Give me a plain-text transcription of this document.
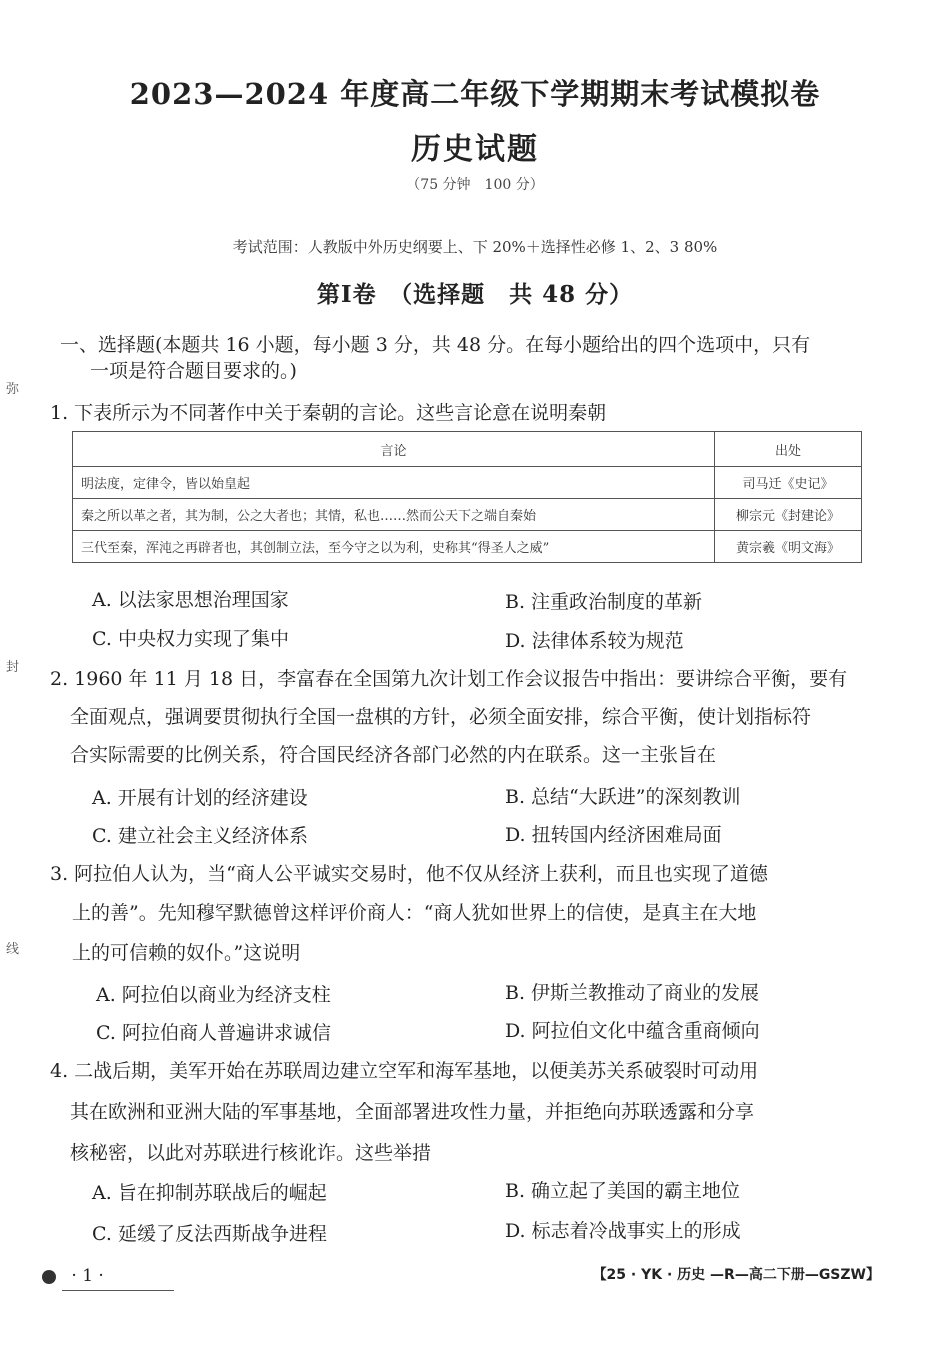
弥
封
线
2023—2024 年度高二年级下学期期末考试模拟卷
历史试题
（75 分钟　100 分）
考试范围：人教版中外历史纲要上、下 20%＋选择性必修 1、2、3 80%
第Ⅰ卷　（选择题　共 48 分）
一、选择题(本题共 16 小题，每小题 3 分，共 48 分。在每小题给出的四个选项中，只有
一项是符合题目要求的。)
1. 下表所示为不同著作中关于秦朝的言论。这些言论意在说明秦朝
言论	出处
明法度，定律令，皆以始皇起	司马迁《史记》
秦之所以革之者，其为制，公之大者也；其情，私也……然而公天下之端自秦始	柳宗元《封建论》
三代至秦，浑沌之再辟者也，其创制立法，至今守之以为利，史称其“得圣人之威”	黄宗羲《明文海》
A. 以法家思想治理国家	B. 注重政治制度的革新
C. 中央权力实现了集中	D. 法律体系较为规范
2. 1960 年 11 月 18 日，李富春在全国第九次计划工作会议报告中指出：要讲综合平衡，要有
全面观点，强调要贯彻执行全国一盘棋的方针，必须全面安排，综合平衡，使计划指标符
合实际需要的比例关系，符合国民经济各部门必然的内在联系。这一主张旨在
A. 开展有计划的经济建设	B. 总结“大跃进”的深刻教训
C. 建立社会主义经济体系	D. 扭转国内经济困难局面
3. 阿拉伯人认为，当“商人公平诚实交易时，他不仅从经济上获利，而且也实现了道德
上的善”。先知穆罕默德曾这样评价商人：“商人犹如世界上的信使，是真主在大地
上的可信赖的奴仆。”这说明
A. 阿拉伯以商业为经济支柱	B. 伊斯兰教推动了商业的发展
C. 阿拉伯商人普遍讲求诚信	D. 阿拉伯文化中蕴含重商倾向
4. 二战后期，美军开始在苏联周边建立空军和海军基地，以便美苏关系破裂时可动用
其在欧洲和亚洲大陆的军事基地，全面部署进攻性力量，并拒绝向苏联透露和分享
核秘密，以此对苏联进行核讹诈。这些举措
A. 旨在抑制苏联战后的崛起	B. 确立起了美国的霸主地位
C. 延缓了反法西斯战争进程	D. 标志着冷战事实上的形成
· 1 ·	【25 · YK · 历史 —R—高二下册—GSZW】
